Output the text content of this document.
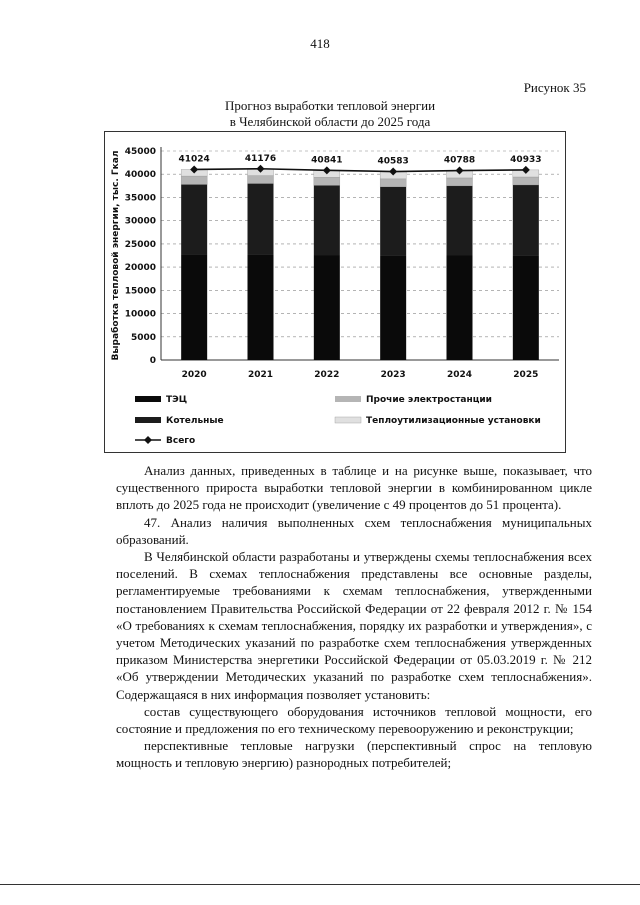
418
Рисунок 35
Прогноз выработки тепловой энергии
в Челябинской области до 2025 года
0
5000
10000
15000
20000
25000
30000
35000
40000
45000
Выработка тепловой энергии, тыс. Гкал
2020	2021	2022	2023	2024	2025
41024	41176	40841	40583	40788	40933
ТЭЦ	Прочие электростанции
Котельные	Теплоутилизационные установки
Всего

Анализ данных, приведенных в таблице и на рисунке выше, показывает, что существенного прироста выработки тепловой энергии в комбинированном цикле вплоть до 2025 года не происходит (увеличение с 49 процентов до 51 процента).

47. Анализ наличия выполненных схем теплоснабжения муниципальных образований.

В Челябинской области разработаны и утверждены схемы теплоснабжения всех поселений. В схемах теплоснабжения представлены все основные разделы, регламентируемые требованиями к схемам теплоснабжения, утвержденными постановлением Правительства Российской Федерации от 22 февраля 2012 г. № 154 «О требованиях к схемам теплоснабжения, порядку их разработки и утверждения», с учетом Методических указаний по разработке схем теплоснабжения утвержденных приказом Министерства энергетики Российской Федерации от 05.03.2019 г. № 212 «Об утверждении Методических указаний по разработке схем теплоснабжения». Содержащаяся в них информация позволяет установить:

состав существующего оборудования источников тепловой мощности, его состояние и предложения по его техническому перевооружению и реконструкции;

перспективные тепловые нагрузки (перспективный спрос на тепловую мощность и тепловую энергию) разнородных потребителей;
